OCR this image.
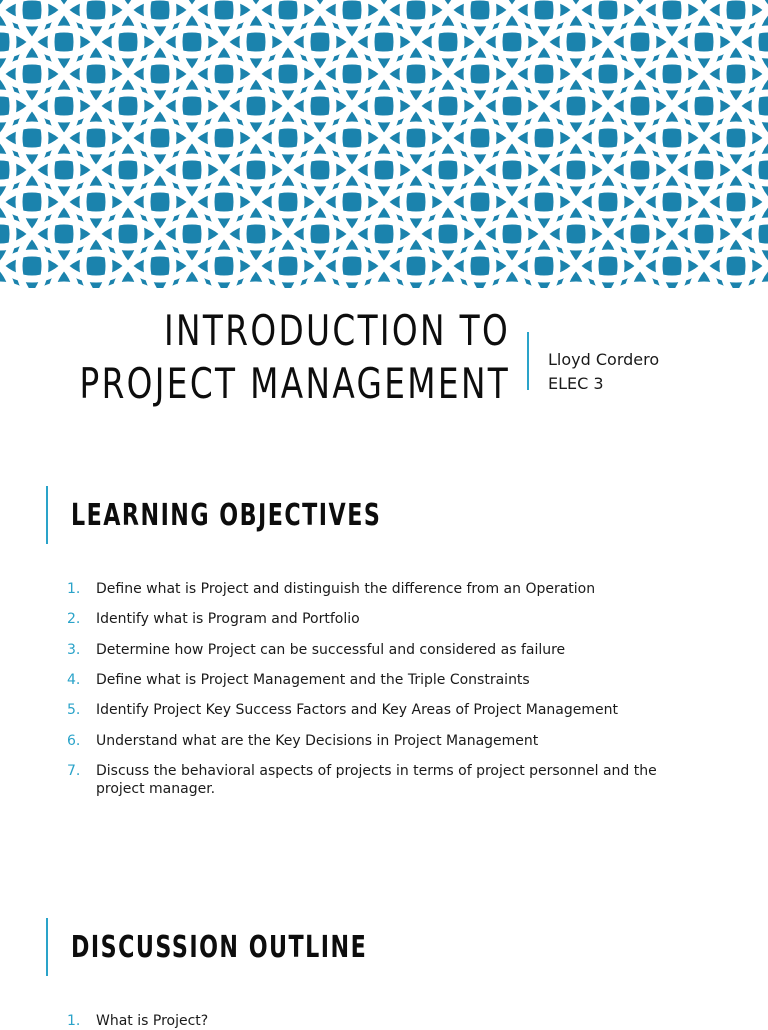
INTRODUCTION TO
PROJECT MANAGEMENT Lloyd Cordero
ELEC 3
LEARNING OBJECTIVES
1. Define what is Project and distinguish the difference from an Operation
2. Identify what is Program and Portfolio
3. Determine how Project can be successful and considered as failure
4. Define what is Project Management and the Triple Constraints
5. Identify Project Key Success Factors and Key Areas of Project Management
6. Understand what are the Key Decisions in Project Management
7. Discuss the behavioral aspects of projects in terms of project personnel and the project manager.
DISCUSSION OUTLINE
1. What is Project?
